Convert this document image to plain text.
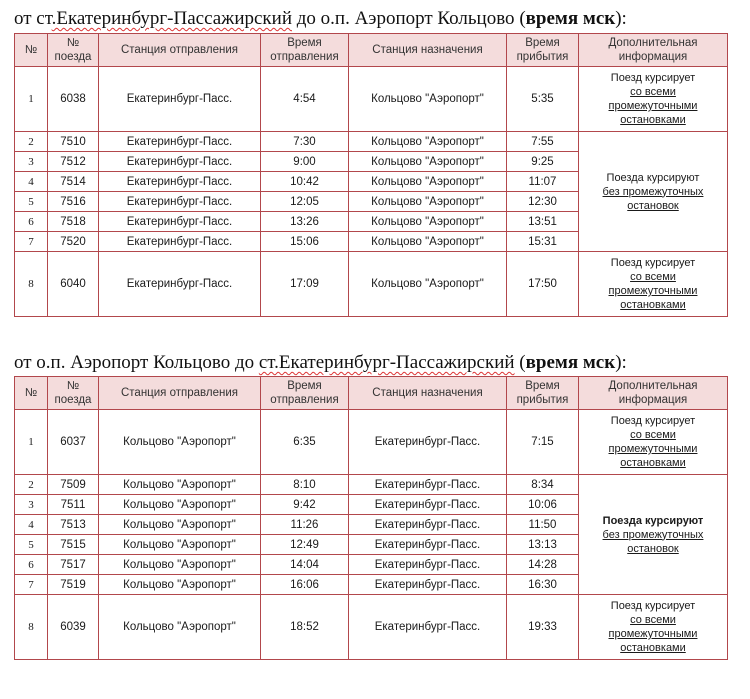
от ст.Екатеринбург-Пассажирский до о.п. Аэропорт Кольцово (время мск):
№	№ поезда	Станция отправления	Время отправления	Станция назначения	Время прибытия	Дополнительная информация
1	6038	Екатеринбург-Пасс.	4:54	Кольцово "Аэропорт"	5:35	Поезд курсирует
со всеми
промежуточными
остановками

2	7510	Екатеринбург-Пасс.	7:30	Кольцово "Аэропорт"	7:55	Поезда курсируют
без промежуточных
остановок

3	7512	Екатеринбург-Пасс.	9:00	Кольцово "Аэропорт"	9:25	
4	7514	Екатеринбург-Пасс.	10:42	Кольцово "Аэропорт"	11:07	
5	7516	Екатеринбург-Пасс.	12:05	Кольцово "Аэропорт"	12:30	
6	7518	Екатеринбург-Пасс.	13:26	Кольцово "Аэропорт"	13:51	
7	7520	Екатеринбург-Пасс.	15:06	Кольцово "Аэропорт"	15:31	
8	6040	Екатеринбург-Пасс.	17:09	Кольцово "Аэропорт"	17:50	Поезд курсирует
со всеми
промежуточными
остановками
от о.п. Аэропорт Кольцово до ст.Екатеринбург-Пассажирский (время мск):
№	№ поезда	Станция отправления	Время отправления	Станция назначения	Время прибытия	Дополнительная информация
1	6037	Кольцово "Аэропорт"	6:35	Екатеринбург-Пасс.	7:15	Поезд курсирует
со всеми
промежуточными
остановками

2	7509	Кольцово "Аэропорт"	8:10	Екатеринбург-Пасс.	8:34	Поезда курсируют
без промежуточных
остановок

3	7511	Кольцово "Аэропорт"	9:42	Екатеринбург-Пасс.	10:06	
4	7513	Кольцово "Аэропорт"	11:26	Екатеринбург-Пасс.	11:50	
5	7515	Кольцово "Аэропорт"	12:49	Екатеринбург-Пасс.	13:13	
6	7517	Кольцово "Аэропорт"	14:04	Екатеринбург-Пасс.	14:28	
7	7519	Кольцово "Аэропорт"	16:06	Екатеринбург-Пасс.	16:30	
8	6039	Кольцово "Аэропорт"	18:52	Екатеринбург-Пасс.	19:33	Поезд курсирует
со всеми
промежуточными
остановками
